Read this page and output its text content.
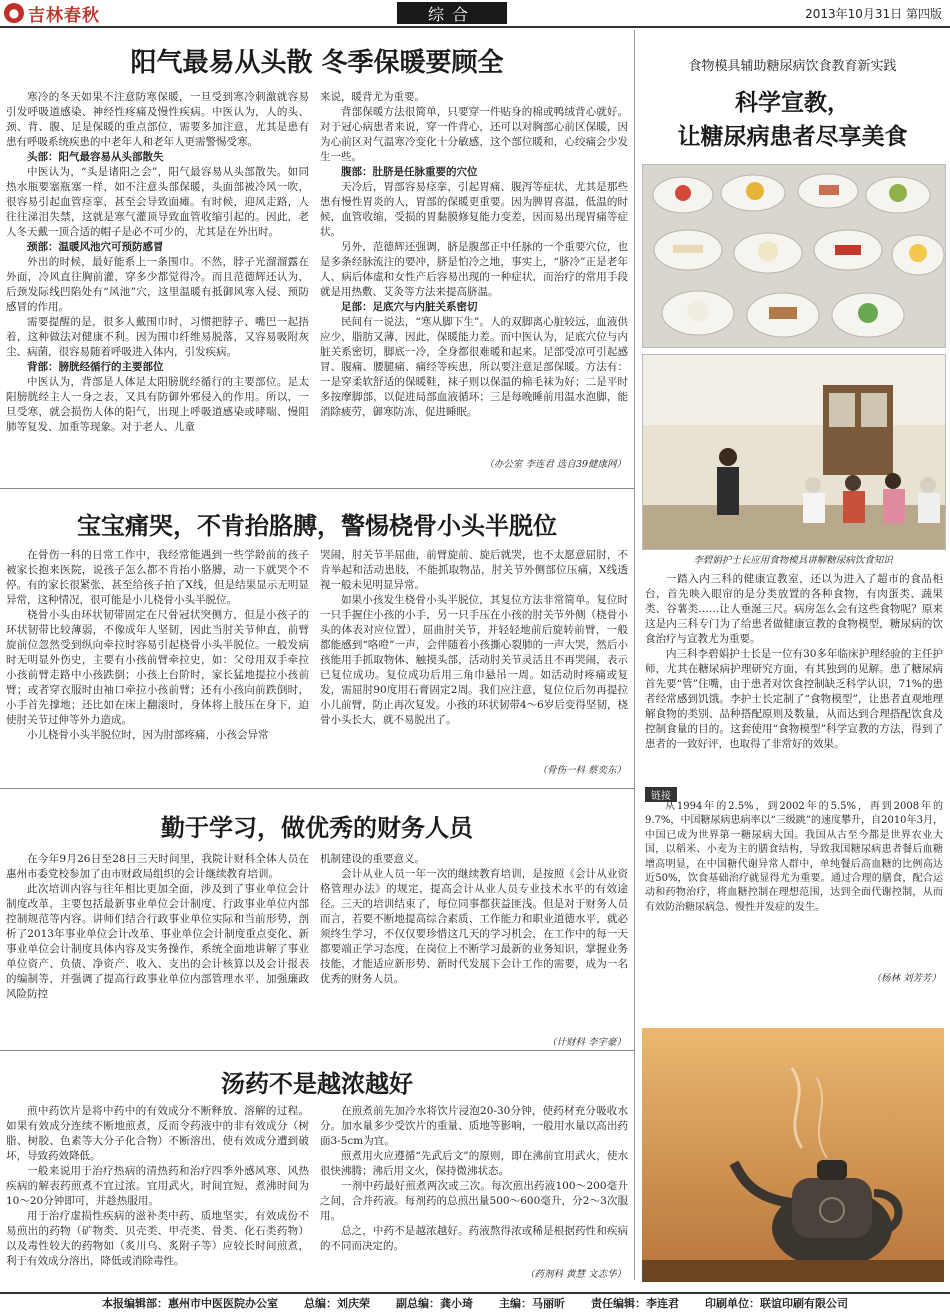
● 吉林春秋	综合	2013年10月31日 第四版
阳气最易从头散 冬季保暖要顾全

寒冷的冬天如果不注意防寒保暖，一旦受到寒冷刺激就容易引发呼吸道感染、神经性疼痛及慢性疾病。中医认为，人的头、颈、背、腹、足是保暖的重点部位，需要多加注意，尤其是患有患有呼吸系统疾患的中老年人和老年人更需警惕受寒。

头部：阳气最容易从头部散失

中医认为，“头是诸阳之会”，阳气最容易从头部散失。如同热水瓶要塞瓶塞一样，如不注意头部保暖，头面部被冷风一吹，很容易引起血管痉挛，甚至会导致面瘫。有时候，迎风走路，人往往涕泪失禁，这就是寒气灌顶导致血管收缩引起的。因此，老人冬天戴一顶合适的帽子是必不可少的，尤其是在外出时。

颈部：温暖风池穴可预防感冒

外出的时候，最好能系上一条围巾。不然，脖子光溜溜露在外面，冷风直往胸前灌，穿多少都觉得冷。而且范德辉还认为，后颈发际线凹陷处有“风池”穴，这里温暖有抵御风寒入侵、预防感冒的作用。

需要提醒的是，很多人戴围巾时，习惯把脖子、嘴巴一起捂着，这种做法对健康不利。因为围巾纤维易脱落，又容易吸附灰尘、病菌，很容易随着呼吸进入体内，引发疾病。

背部：膀胱经循行的主要部位

中医认为，背部是人体足太阳膀胱经循行的主要部位。足太阳膀胱经主人一身之表，又具有防御外邪侵入的作用。所以，一旦受寒，就会损伤人体的阳气，出现上呼吸道感染或哮喘、慢阻肺等复发、加重等现象。对于老人、儿童

来说，暖背尤为重要。

背部保暖方法很简单，只要穿一件贴身的棉或鸭绒背心就好。对于冠心病患者来说，穿一件背心，还可以对胸部心前区保暖，因为心前区对气温寒冷变化十分敏感，这个部位暖和，心绞痛会少发生一些。

腹部：肚脐是任脉重要的穴位

天冷后，胃部容易痉挛，引起胃痛、腹泻等症状，尤其是那些患有慢性胃炎的人，胃部的保暖更重要。因为脾胃喜温，低温的时候，血管收缩，受损的胃黏膜修复能力变差，因而易出现胃痛等症状。

另外，范德辉还强调，脐是腹部正中任脉的一个重要穴位，也是多条经脉流注的要冲，脐是怕冷之地，事实上，“脐冷”正是老年人、病后体虚和女性产后容易出现的一种症状，而治疗的常用手段就是用热敷、艾灸等方法来提高脐温。

足部：足底穴与内脏关系密切

民间有一说法，“寒从脚下生”。人的双脚离心脏较远，血液供应少，脂肪又薄，因此，保暖能力差。而中医认为，足底穴位与内脏关系密切，脚底一冷，全身都很难暖和起来。足部受凉可引起感冒、腹痛、腰腿痛、痛经等疾患，所以要注意足部保暖。方法有：一是穿柔软舒适的保暖鞋，袜子则以保温的棉毛袜为好；二是平时多按摩脚部，以促进局部血液循环；三是每晚睡前用温水泡脚，能消除疲劳，御寒防冻，促进睡眠。

（办公室 李连君 选自39健康网）
宝宝痛哭，不肯抬胳膊，警惕桡骨小头半脱位

在骨伤一科的日常工作中，我经常能遇到一些学龄前的孩子被家长抱来医院，说孩子怎么都不肯抬小胳膊，动一下就哭个不停。有的家长很紧张，甚至给孩子拍了X线，但是结果显示无明显异常，这种情况，很可能是小儿桡骨小头半脱位。

桡骨小头由环状韧带固定在尺骨冠状突侧方，但是小孩子的环状韧带比较薄弱，不像成年人坚韧，因此当肘关节伸直，前臂旋前位忽然受到纵向牵拉时容易引起桡骨小头半脱位。一般发病时无明显外伤史，主要有小孩前臂牵拉史，如：父母用双手牵拉小孩前臂走路中小孩跌倒；小孩上台阶时，家长猛地提拉小孩前臂；或者穿衣服时由袖口牵拉小孩前臂；还有小孩向前跌倒时，小手首先撑地；还比如在床上翻滚时，身体将上肢压在身下，迫使肘关节过伸等外力造成。

小儿桡骨小头半脱位时，因为肘部疼痛，小孩会异常

哭闹，肘关节半屈曲，前臂旋前、旋后就哭，也不太愿意屈肘，不肯举起和活动患肢，不能抓取物品，肘关节外侧部位压痛，X线透视一般未见明显异常。

如果小孩发生桡骨小头半脱位，其复位方法非常简单。复位时一只手握住小孩的小手，另一只手压在小孩的肘关节外侧（桡骨小头的体表对应位置），屈曲肘关节，并轻轻地前后旋转前臂，一般都能感到“咯噔”一声，会伴随着小孩撕心裂肺的一声大哭，然后小孩能用手抓取物体、触摸头部，活动肘关节灵活且不再哭闹，表示已复位成功。复位成功后用三角巾悬吊一周。如活动时疼痛或复发，需屈肘90度用石膏固定2周。我们应注意，复位位后勿再提拉小儿前臂，防止再次复发。小孩的环状韧带4～6岁后变得坚韧，桡骨小头长大，就不易脱出了。

（骨伤一科 蔡奕东）
勤于学习，做优秀的财务人员

在今年9月26日至28日三天时间里，我院计财科全体人员在惠州市委党校参加了由市财政局组织的会计继续教育培训。

此次培训内容与往年相比更加全面，涉及到了事业单位会计制度改革，主要包括最新事业单位会计制度、行政事业单位内部控制规范等内容。讲师们结合行政事业单位实际和当前形势，剖析了2013年事业单位会计改革、事业单位会计制度重点变化、新事业单位会计制度具体内容及实务操作，系统全面地讲解了事业单位资产、负债、净资产、收入、支出的会计核算以及会计报表的编制等，并强调了提高行政事业单位内部管理水平、加强廉政风险防控

机制建设的重要意义。

会计从业人员一年一次的继续教育培训，是按照《会计从业资格管理办法》的规定，提高会计从业人员专业技术水平的有效途径。三天的培训结束了，每位同事都获益匪浅。但是对于财务人员而言，若要不断地提高综合素质、工作能力和职业道德水平，就必须终生学习，不仅仅要珍惜这几天的学习机会，在工作中的每一天都要端正学习态度，在岗位上不断学习最新的业务知识，掌握业务技能，才能适应新形势、新时代发展下会计工作的需要，成为一名优秀的财务人员。

（计财科 李宇豪）
汤药不是越浓越好

煎中药饮片是将中药中的有效成分不断释放、溶解的过程。如果有效成分连续不断地煎煮，反而令药液中的非有效成分（树脂、树胶、色素等大分子化合物）不断溶出，使有效成分遭到破坏，导致药效降低。

一般来说用于治疗热病的清热药和治疗四季外感风寒、风热疾病的解表药煎煮不宜过浓。宜用武火，时间宜短，煮沸时间为10～20分钟即可，并趁热服用。

用于治疗虚损性疾病的滋补类中药、质地坚实，有效成份不易煎出的药物（矿物类、贝壳类、甲壳类、骨类、化石类药物）以及毒性较大的药物如（炙川乌、炙附子等）应较长时间煎煮，利于有效成分溶出，降低或消除毒性。

在煎煮前先加冷水将饮片浸泡20-30分钟，使药材充分吸收水分。加水量多少受饮片的重量、质地等影响，一般用水量以高出药面3-5cm为宜。

煎煮用火应遵循“先武后文”的原则，即在沸前宜用武火，使水很快沸腾；沸后用文火，保持微沸状态。

一剂中药最好煎煮两次或三次。每次煎出药液100～200毫升之间，合并药液。每剂药的总煎出量500～600毫升，分2～3次服用。

总之，中药不是越浓越好。药液熬得浓或稀是根据药性和疾病的不同而决定的。

（药剂科 黄慧 文志华）
食物模具辅助糖尿病饮食教育新实践
科学宣教，
让糖尿病患者尽享美食
李碧娟护士长应用食物模具讲解糖尿病饮食知识

一踏入内三科的健康宣教室，还以为进入了超市的食品柜台，首先映入眼帘的是分类放置的各种食物，有肉蛋类、蔬果类、谷薯类……让人垂涎三尺。病房怎么会有这些食物呢？原来这是内三科专门为了给患者做健康宣教的食物模型，糖尿病的饮食治疗与宣教尤为重要。

内三科李碧娟护士长是一位有30多年临床护理经验的主任护师，尤其在糖尿病护理研究方面，有其独到的见解。患了糖尿病首先要“管”住嘴，由于患者对饮食控制缺乏科学认识，71%的患者经常感到饥饿。李护士长定制了“食物模型”，让患者直观地理解食物的类别、品种搭配原则及数量，从而达到合理搭配饮食及控制食量的目的。这套使用“食物模型”科学宣教的方法，得到了患者的一致好评，也取得了非常好的效果。

链接

从1994年的2.5%，到2002年的5.5%，再到2008年的9.7%，中国糖尿病患病率以“三级跳”的速度攀升，自2010年3月，中国已成为世界第一糖尿病大国。我国从古至今都是世界农业大国，以稻米、小麦为主的膳食结构，导致我国糖尿病患者餐后血糖增高明显，在中国糖代谢异常人群中，单纯餐后高血糖的比例高达近50%，饮食基础治疗就显得尤为重要。通过合理的膳食，配合运动和药物治疗，将血糖控制在理想范围，达到全面代谢控制，从而有效防治糖尿病急、慢性并发症的发生。

（杨林 刘芳芳）
本报编辑部：惠州市中医医院办公室 总编：刘庆荣 副总编：龚小琦 主编：马丽昕 责任编辑：李连君 印刷单位：联谊印刷有限公司
